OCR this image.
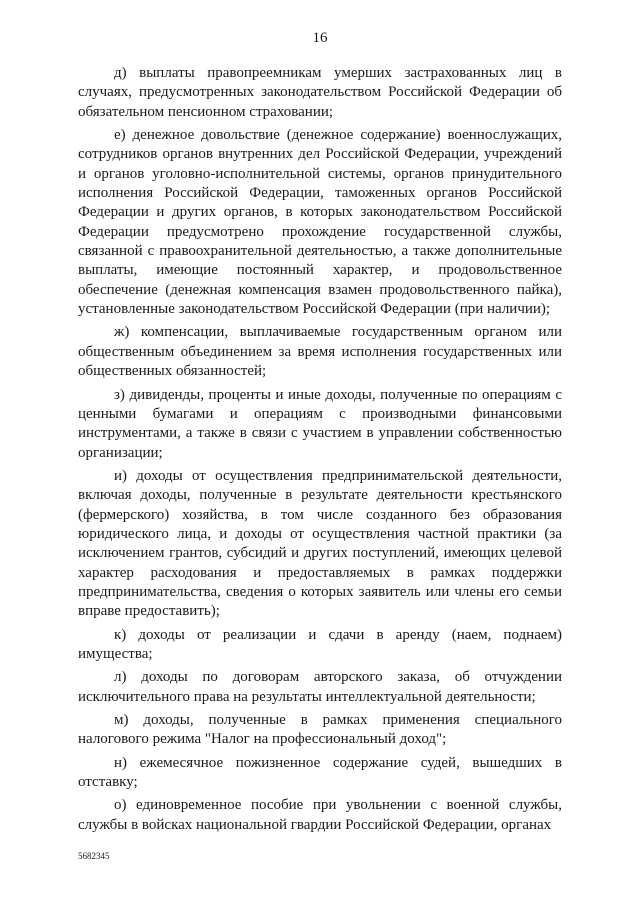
16

д) выплаты правопреемникам умерших застрахованных лиц в случаях, предусмотренных законодательством Российской Федерации об обязательном пенсионном страховании;

е) денежное довольствие (денежное содержание) военнослужащих, сотрудников органов внутренних дел Российской Федерации, учреждений и органов уголовно-исполнительной системы, органов принудительного исполнения Российской Федерации, таможенных органов Российской Федерации и других органов, в которых законодательством Российской Федерации предусмотрено прохождение государственной службы, связанной с правоохранительной деятельностью, а также дополнительные выплаты, имеющие постоянный характер, и продовольственное обеспечение (денежная компенсация взамен продовольственного пайка), установленные законодательством Российской Федерации (при наличии);

ж) компенсации, выплачиваемые государственным органом или общественным объединением за время исполнения государственных или общественных обязанностей;

з) дивиденды, проценты и иные доходы, полученные по операциям с ценными бумагами и операциям с производными финансовыми инструментами, а также в связи с участием в управлении собственностью организации;

и) доходы от осуществления предпринимательской деятельности, включая доходы, полученные в результате деятельности крестьянского (фермерского) хозяйства, в том числе созданного без образования юридического лица, и доходы от осуществления частной практики (за исключением грантов, субсидий и других поступлений, имеющих целевой характер расходования и предоставляемых в рамках поддержки предпринимательства, сведения о которых заявитель или члены его семьи вправе предоставить);

к) доходы от реализации и сдачи в аренду (наем, поднаем) имущества;

л) доходы по договорам авторского заказа, об отчуждении исключительного права на результаты интеллектуальной деятельности;

м) доходы, полученные в рамках применения специального налогового режима "Налог на профессиональный доход";

н) ежемесячное пожизненное содержание судей, вышедших в отставку;

о) единовременное пособие при увольнении с военной службы, службы в войсках национальной гвардии Российской Федерации, органах

5682345
